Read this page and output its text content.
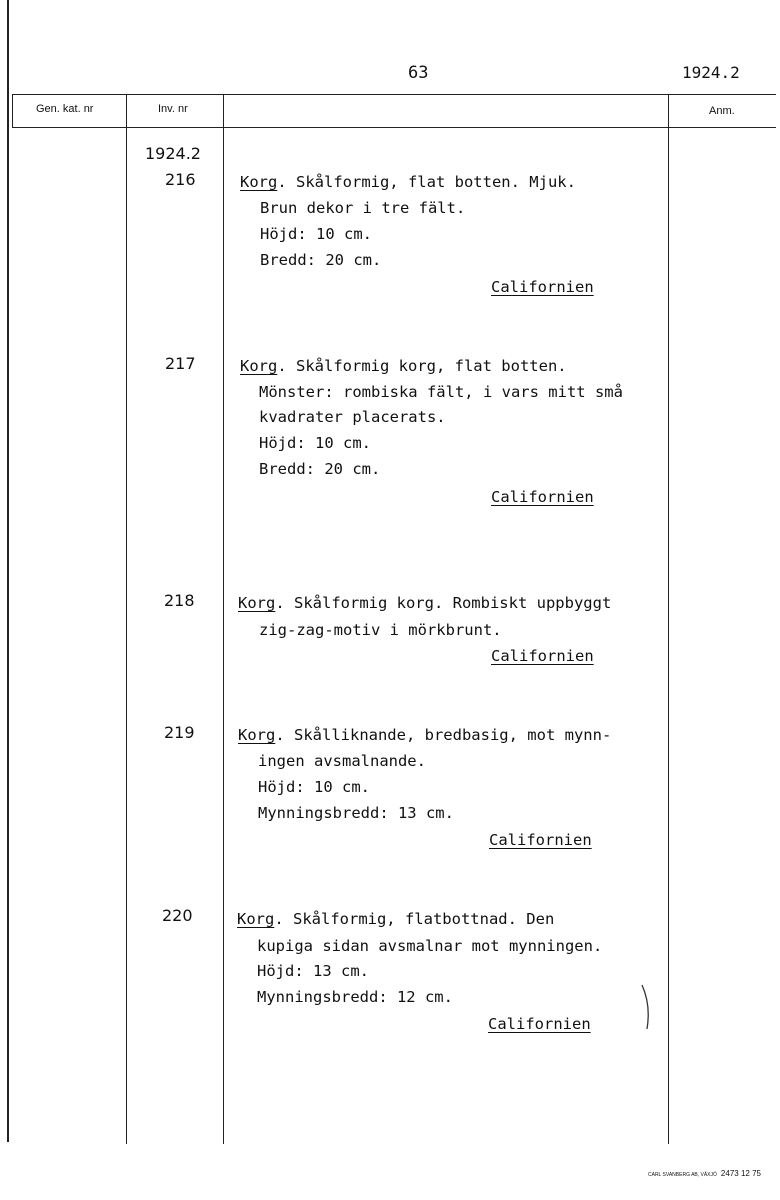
63	1924.2
Gen. kat. nr	Inv. nr	Anm.
1924.2
216	Korg. Skålformig, flat botten. Mjuk.
Brun dekor i tre fält.
Höjd: 10 cm.
Bredd: 20 cm.
Californien
217	Korg. Skålformig korg, flat botten.
Mönster: rombiska fält, i vars mitt små
kvadrater placerats.
Höjd: 10 cm.
Bredd: 20 cm.
Californien
218	Korg. Skålformig korg. Rombiskt uppbyggt
zig-zag-motiv i mörkbrunt.
Californien
219	Korg. Skålliknande, bredbasig, mot mynn-
ingen avsmalnande.
Höjd: 10 cm.
Mynningsbredd: 13 cm.
Californien
220	Korg. Skålformig, flatbottnad. Den
kupiga sidan avsmalnar mot mynningen.
Höjd: 13 cm.
Mynningsbredd: 12 cm.
Californien
CARL SVANBERG AB, VÄXJÖ 2473 12 75
